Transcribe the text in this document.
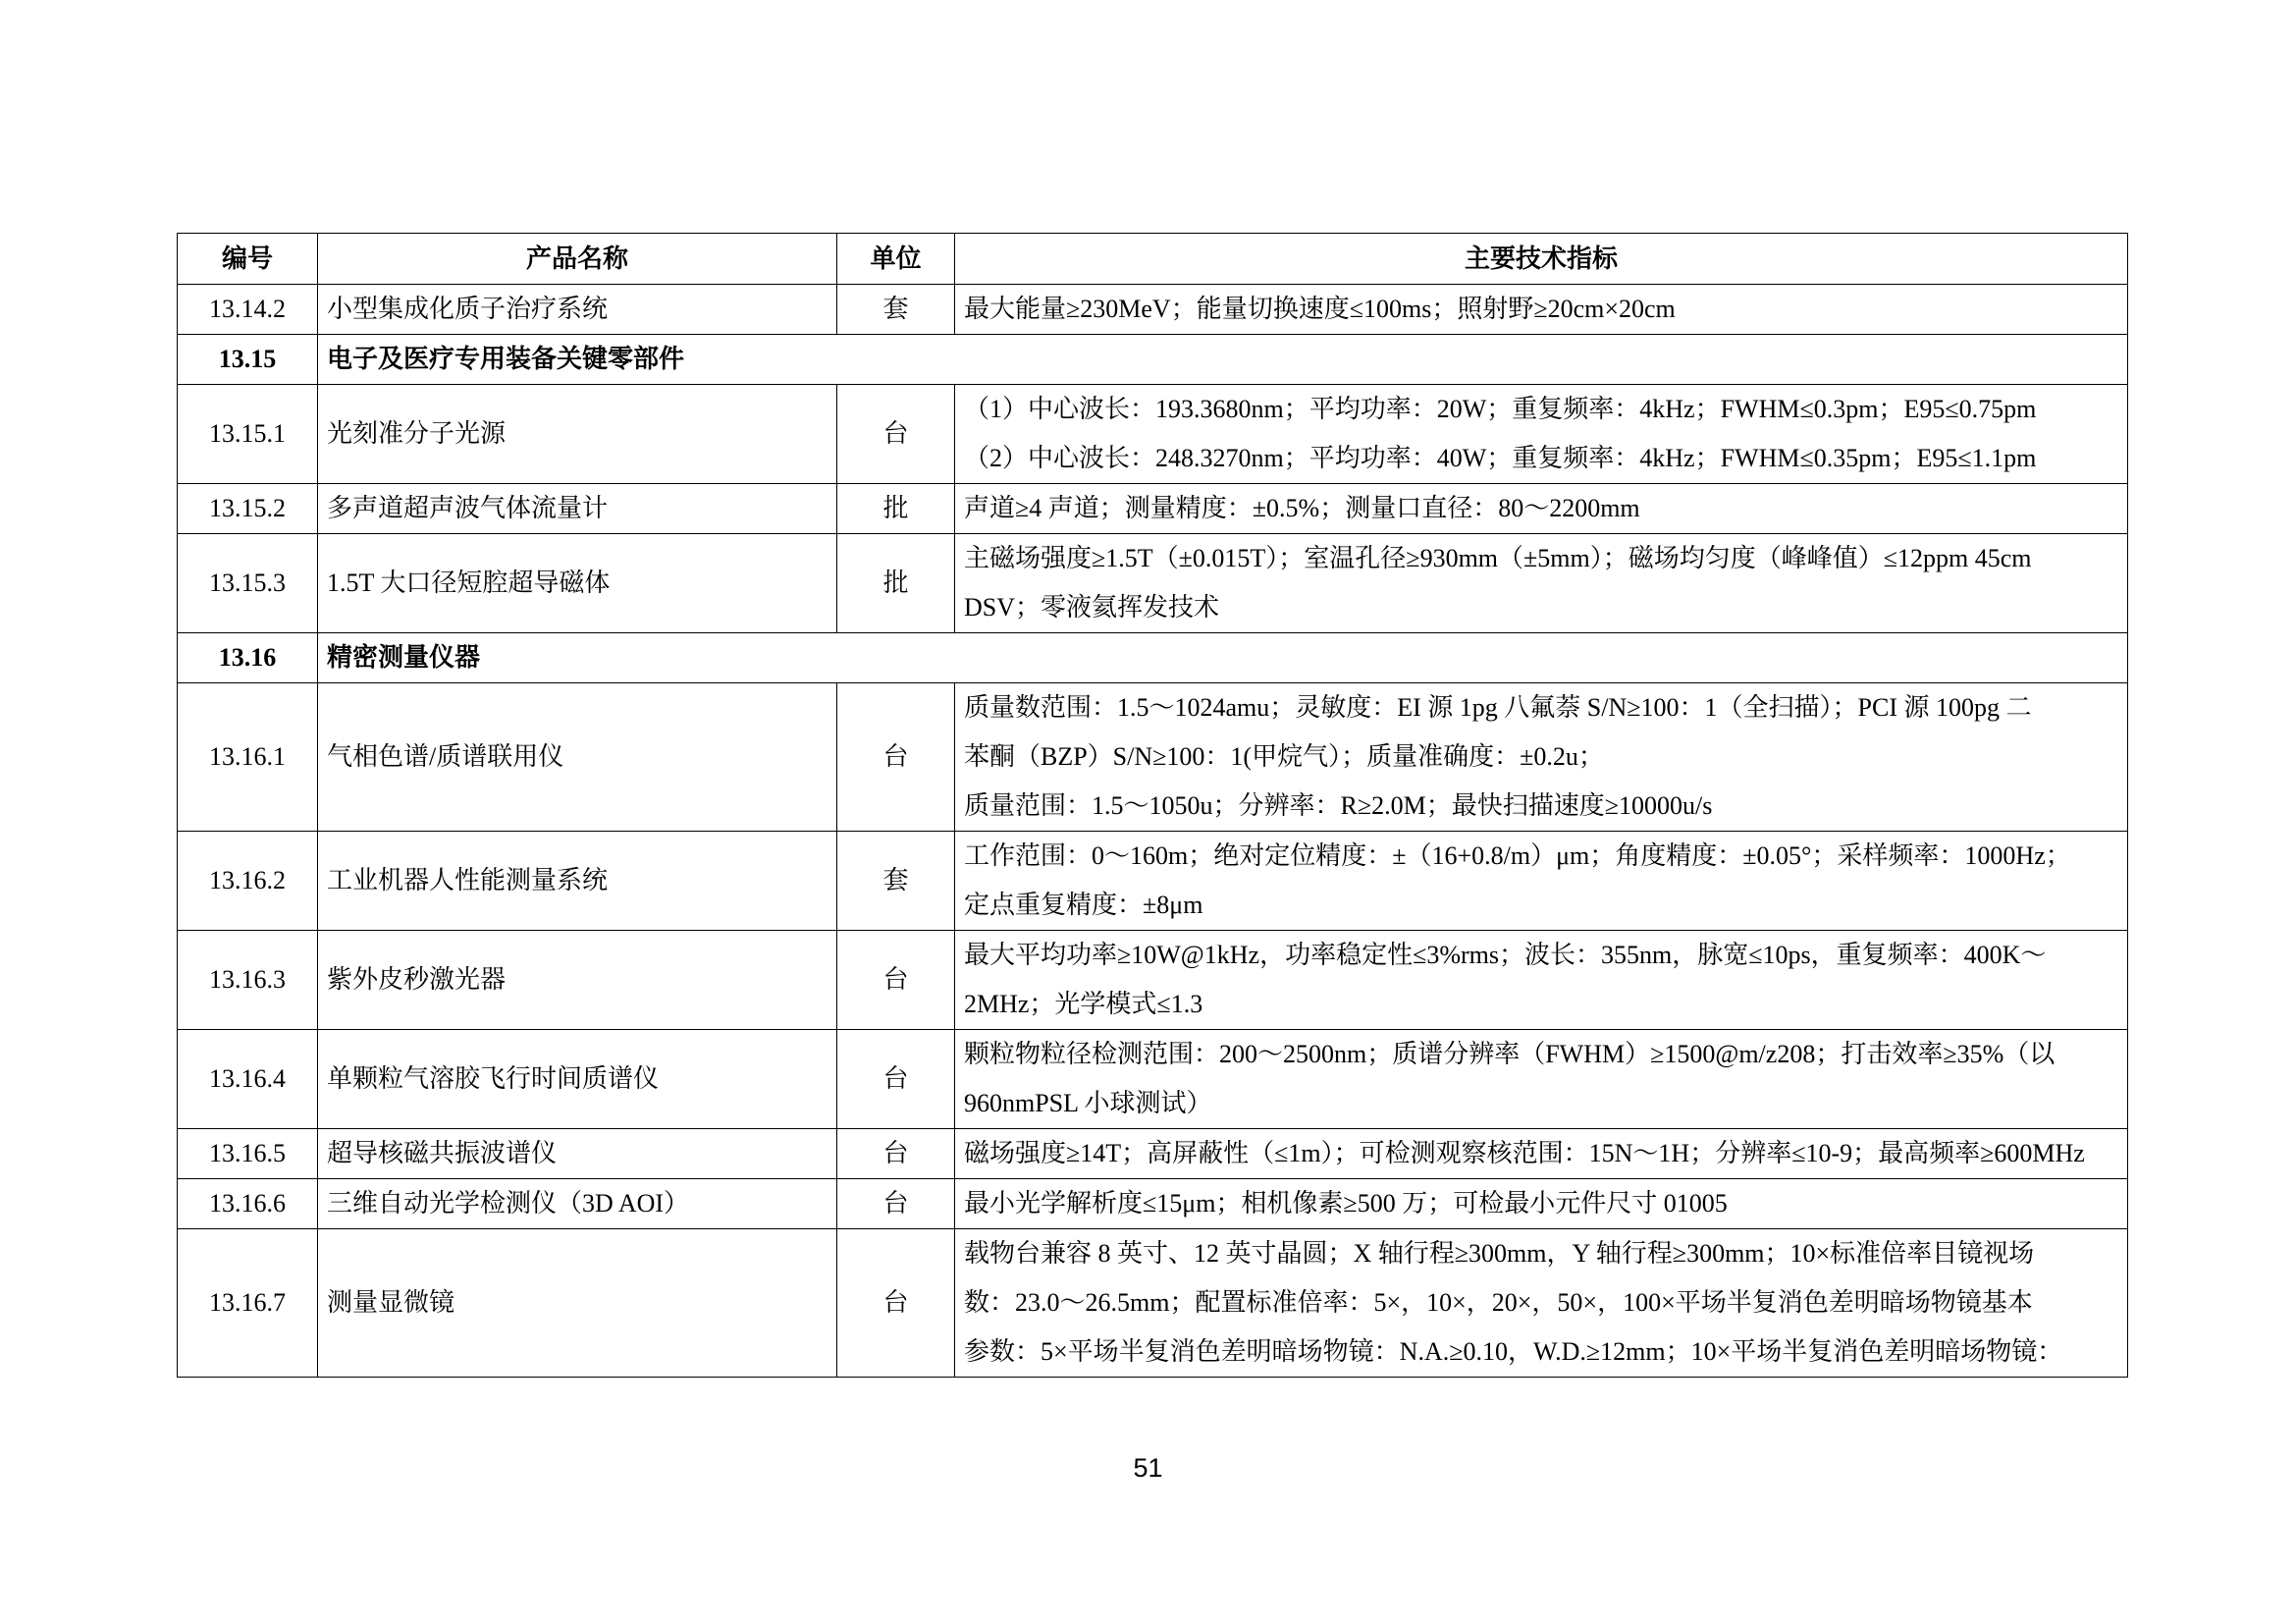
编号	产品名称	单位	主要技术指标
13.14.2	小型集成化质子治疗系统	套	最大能量≥230MeV；能量切换速度≤100ms；照射野≥20cm×20cm

13.15	电子及医疗专用装备关键零部件		
13.15.1	光刻准分子光源	台	（1）中心波长：193.3680nm；平均功率：20W；重复频率：4kHz；FWHM≤0.3pm；E95≤0.75pm
（2）中心波长：248.3270nm；平均功率：40W；重复频率：4kHz；FWHM≤0.35pm；E95≤1.1pm

13.15.2	多声道超声波气体流量计	批	声道≥4 声道；测量精度：±0.5%；测量口直径：80～2200mm

13.15.3	1.5T 大口径短腔超导磁体	批	主磁场强度≥1.5T（±0.015T）；室温孔径≥930mm（±5mm）；磁场均匀度（峰峰值）≤12ppm 45cm
DSV；零液氦挥发技术

13.16	精密测量仪器		
13.16.1	气相色谱/质谱联用仪	台	质量数范围：1.5～1024amu；灵敏度：EI 源 1pg 八氟萘 S/N≥100：1（全扫描）；PCI 源 100pg 二
苯酮（BZP）S/N≥100：1(甲烷气）；质量准确度：±0.2u；
质量范围：1.5～1050u；分辨率：R≥2.0M；最快扫描速度≥10000u/s

13.16.2	工业机器人性能测量系统	套	工作范围：0～160m；绝对定位精度：±（16+0.8/m）μm；角度精度：±0.05°；采样频率：1000Hz；
定点重复精度：±8μm

13.16.3	紫外皮秒激光器	台	最大平均功率≥10W@1kHz，功率稳定性≤3%rms；波长：355nm，脉宽≤10ps，重复频率：400K～
2MHz；光学模式≤1.3

13.16.4	单颗粒气溶胶飞行时间质谱仪	台	颗粒物粒径检测范围：200～2500nm；质谱分辨率（FWHM）≥1500@m/z208；打击效率≥35%（以
960nmPSL 小球测试）

13.16.5	超导核磁共振波谱仪	台	磁场强度≥14T；高屏蔽性（≤1m）；可检测观察核范围：15N～1H；分辨率≤10-9；最高频率≥600MHz

13.16.6	三维自动光学检测仪（3D AOI）	台	最小光学解析度≤15μm；相机像素≥500 万；可检最小元件尺寸 01005

13.16.7	测量显微镜	台	载物台兼容 8 英寸、12 英寸晶圆；X 轴行程≥300mm，Y 轴行程≥300mm；10×标准倍率目镜视场
数：23.0～26.5mm；配置标准倍率：5×，10×，20×，50×，100×平场半复消色差明暗场物镜基本
参数：5×平场半复消色差明暗场物镜：N.A.≥0.10，W.D.≥12mm；10×平场半复消色差明暗场物镜：
51
